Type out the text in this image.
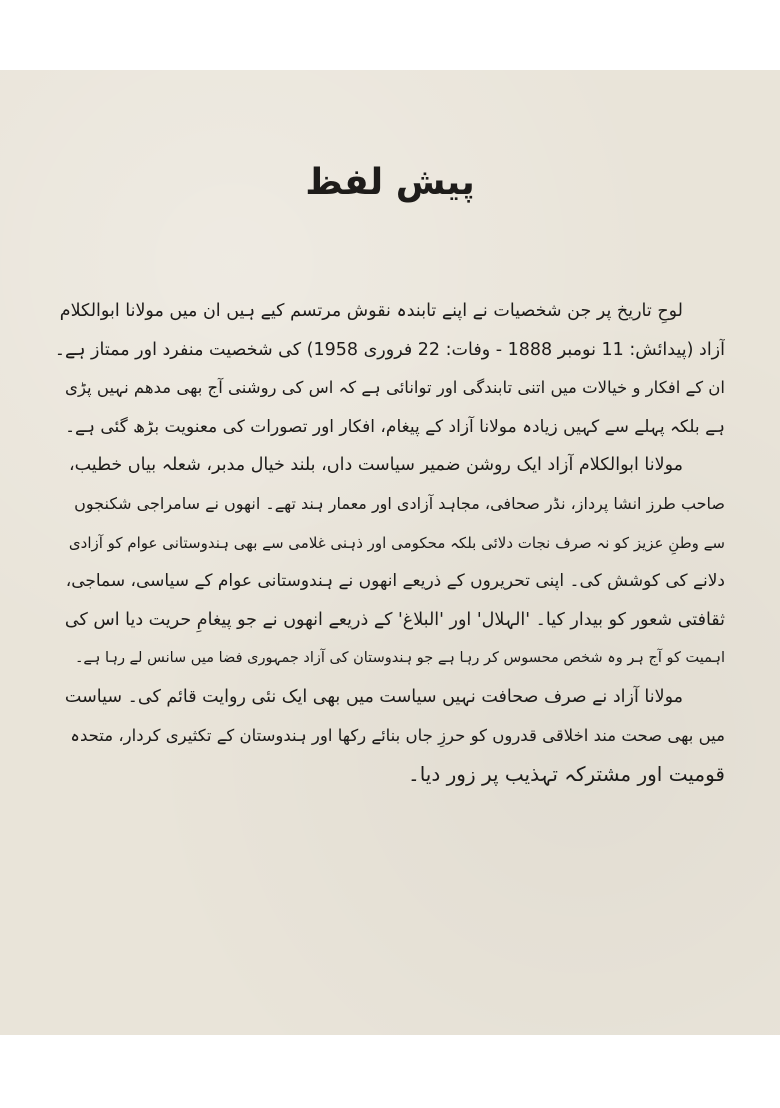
پیش لفظ
لوحِ تاریخ پر جن شخصیات نے اپنے تابندہ نقوش مرتسم کیے ہیں ان میں مولانا ابوالکلام
آزاد (پیدائش: 11 نومبر 1888 - وفات: 22 فروری 1958) کی شخصیت منفرد اور ممتاز ہے۔
ان کے افکار و خیالات میں اتنی تابندگی اور توانائی ہے کہ اس کی روشنی آج بھی مدھم نہیں پڑی
ہے بلکہ پہلے سے کہیں زیادہ مولانا آزاد کے پیغام، افکار اور تصورات کی معنویت بڑھ گئی ہے۔
مولانا ابوالکلام آزاد ایک روشن ضمیر سیاست داں، بلند خیال مدبر، شعلہ بیاں خطیب،
صاحب طرز انشا پرداز، نڈر صحافی، مجاہد آزادی اور معمار ہند تھے۔ انھوں نے سامراجی شکنجوں
سے وطنِ عزیز کو نہ صرف نجات دلائی بلکہ محکومی اور ذہنی غلامی سے بھی ہندوستانی عوام کو آزادی
دلانے کی کوشش کی۔ اپنی تحریروں کے ذریعے انھوں نے ہندوستانی عوام کے سیاسی، سماجی،
ثقافتی شعور کو بیدار کیا۔ 'الہلال' اور 'البلاغ' کے ذریعے انھوں نے جو پیغامِ حریت دیا اس کی
اہمیت کو آج ہر وہ شخص محسوس کر رہا ہے جو ہندوستان کی آزاد جمہوری فضا میں سانس لے رہا ہے۔
مولانا آزاد نے صرف صحافت نہیں سیاست میں بھی ایک نئی روایت قائم کی۔ سیاست
میں بھی صحت مند اخلاقی قدروں کو حرزِ جاں بنائے رکھا اور ہندوستان کے تکثیری کردار، متحدہ
قومیت اور مشترکہ تہذیب پر زور دیا۔
